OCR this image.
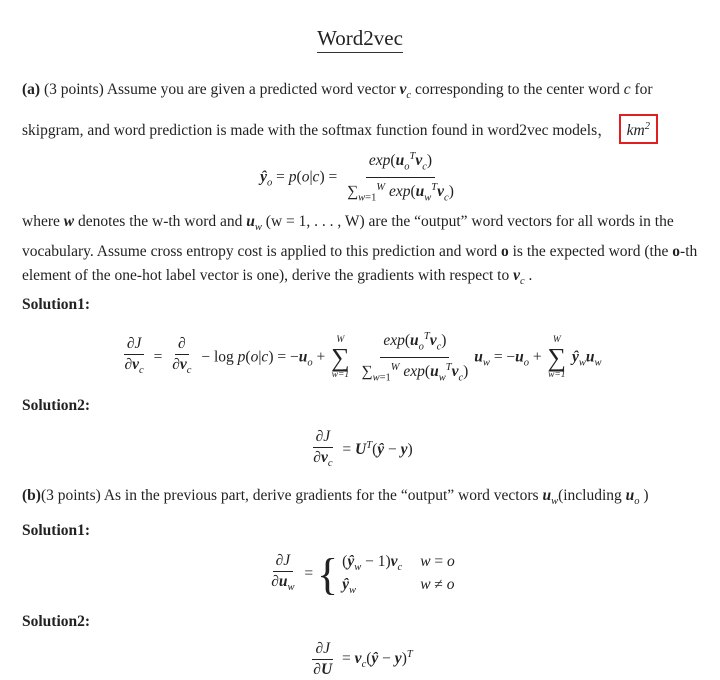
Word2vec
(a) (3 points) Assume you are given a predicted word vector $v_c$ corresponding to the center word c for
skipgram, and word prediction is made with the softmax function found in word2vec models， $km^2$
$ŷ_o = p(o|c) = \frac{\exp(u_o^Tv_c)}{\sum_{w=1}^W \exp(u_w^Tv_c)}$
where w denotes the w-th word and $u_w$ (w = 1, . . . , W) are the “output” word vectors for all words in the vocabulary. Assume cross entropy cost is applied to this prediction and word o is the expected word (the o-th element of the one-hot label vector is one), derive the gradients with respect to $v_c$ .
Solution1:
$\frac{\partial J}{\partial v_c} = \frac{\partial}{\partial v_c} - \log p(o|c) = -u_o$ +
W
∑
w=1
$\frac{\exp(u_o^Tv_c)}{\sum_{w=1}^W \exp(u_w^Tv_c)} u_w = -u_o$ +
W
∑
w=1
$ŷ_wu_w$
Solution2:
$\frac{\partial J}{\partial v_c}$ = $U^T(ŷ - y)$
(b)(3 points) As in the previous part, derive gradients for the “output” word vectors $u_w(including$ $u_o$ )
Solution1:
$\frac{\partial J}{\partial u_w}$ = { $(ŷ_w - 1)v_c$ w = o
$ŷ_w$	w ≠ o
Solution2:
$\frac{\partial J}{\partial U}$ = $v_c(ŷ - y)^T$
